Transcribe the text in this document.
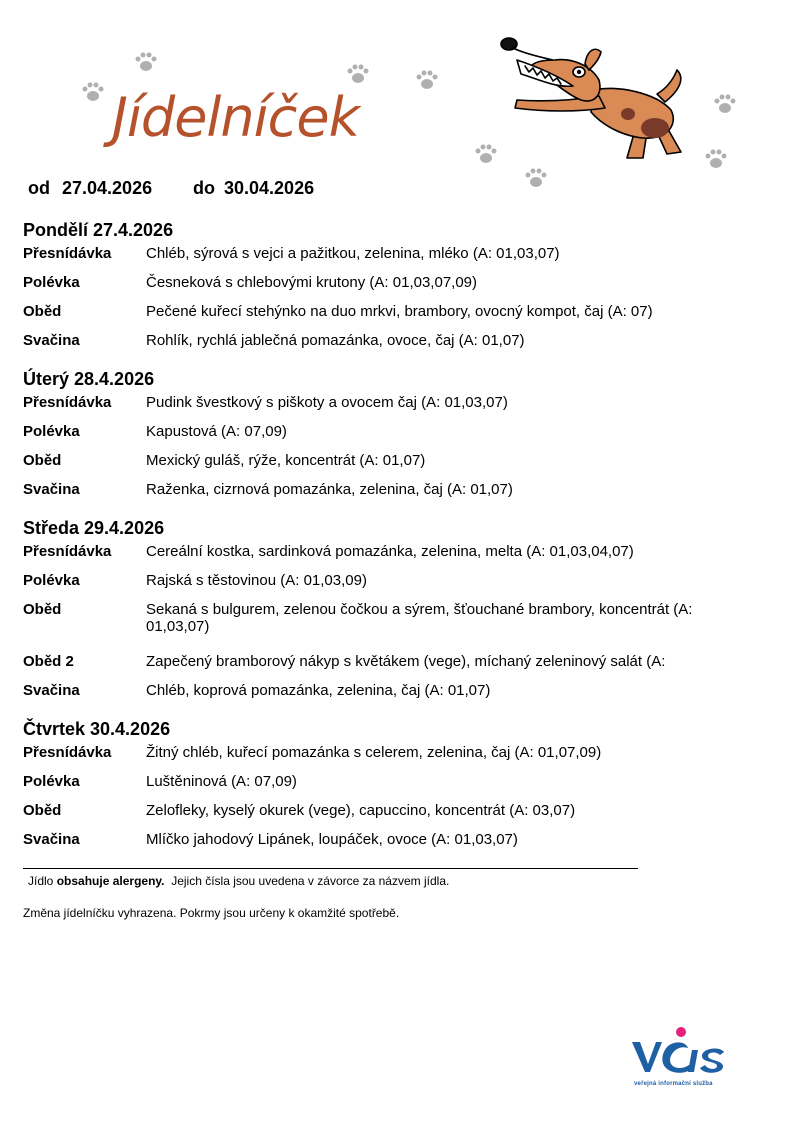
Jídelníček
od 27.04.2026 do 30.04.2026
Pondělí 27.4.2026
Přesnídávka	Chléb, sýrová s vejci a pažitkou, zelenina, mléko (A: 01,03,07)
Polévka	Česneková s chlebovými krutony (A: 01,03,07,09)
Oběd	Pečené kuřecí stehýnko na duo mrkvi, brambory, ovocný kompot, čaj (A: 07)
Svačina	Rohlík, rychlá jablečná pomazánka, ovoce, čaj (A: 01,07)
Úterý 28.4.2026
Přesnídávka	Pudink švestkový s piškoty a ovocem čaj (A: 01,03,07)
Polévka	Kapustová (A: 07,09)
Oběd	Mexický guláš, rýže, koncentrát (A: 01,07)
Svačina	Raženka, cizrnová pomazánka, zelenina, čaj (A: 01,07)
Středa 29.4.2026
Přesnídávka	Cereální kostka, sardinková pomazánka, zelenina, melta (A: 01,03,04,07)
Polévka	Rajská s těstovinou (A: 01,03,09)
Oběd	Sekaná s bulgurem, zelenou čočkou a sýrem, šťouchané brambory, koncentrát (A: 01,03,07)
Oběd 2	Zapečený bramborový nákyp s květákem (vege), míchaný zeleninový salát (A:
Svačina	Chléb, koprová pomazánka, zelenina, čaj (A: 01,07)
Čtvrtek 30.4.2026
Přesnídávka	Žitný chléb, kuřecí pomazánka s celerem, zelenina, čaj (A: 01,07,09)
Polévka	Luštěninová (A: 07,09)
Oběd	Zelofleky, kyselý okurek (vege), capuccino, koncentrát (A: 03,07)
Svačina	Mlíčko jahodový Lipánek, loupáček, ovoce (A: 01,03,07)
Jídlo obsahuje alergeny. Jejich čísla jsou uvedena v závorce za názvem jídla.
Změna jídelníčku vyhrazena. Pokrmy jsou určeny k okamžité spotřebě.
veřejná informační služba
